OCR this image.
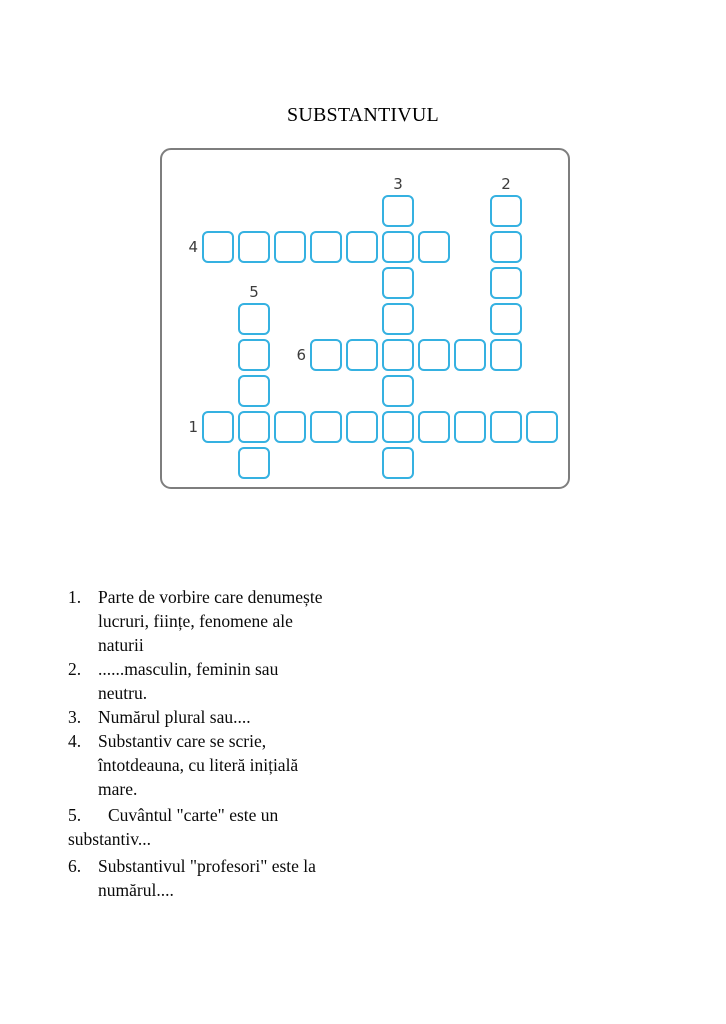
SUBSTANTIVUL
3	2
4
5
6
1
1. Parte de vorbire care denumește
lucruri, ființe, fenomene ale
naturii
2. ......masculin, feminin sau
neutru.
3. Numărul plural sau....
4. Substantiv care se scrie,
întotdeauna, cu literă inițială
mare.
5. Cuvântul "carte" este un
substantiv...
6. Substantivul "profesori" este la
numărul....
